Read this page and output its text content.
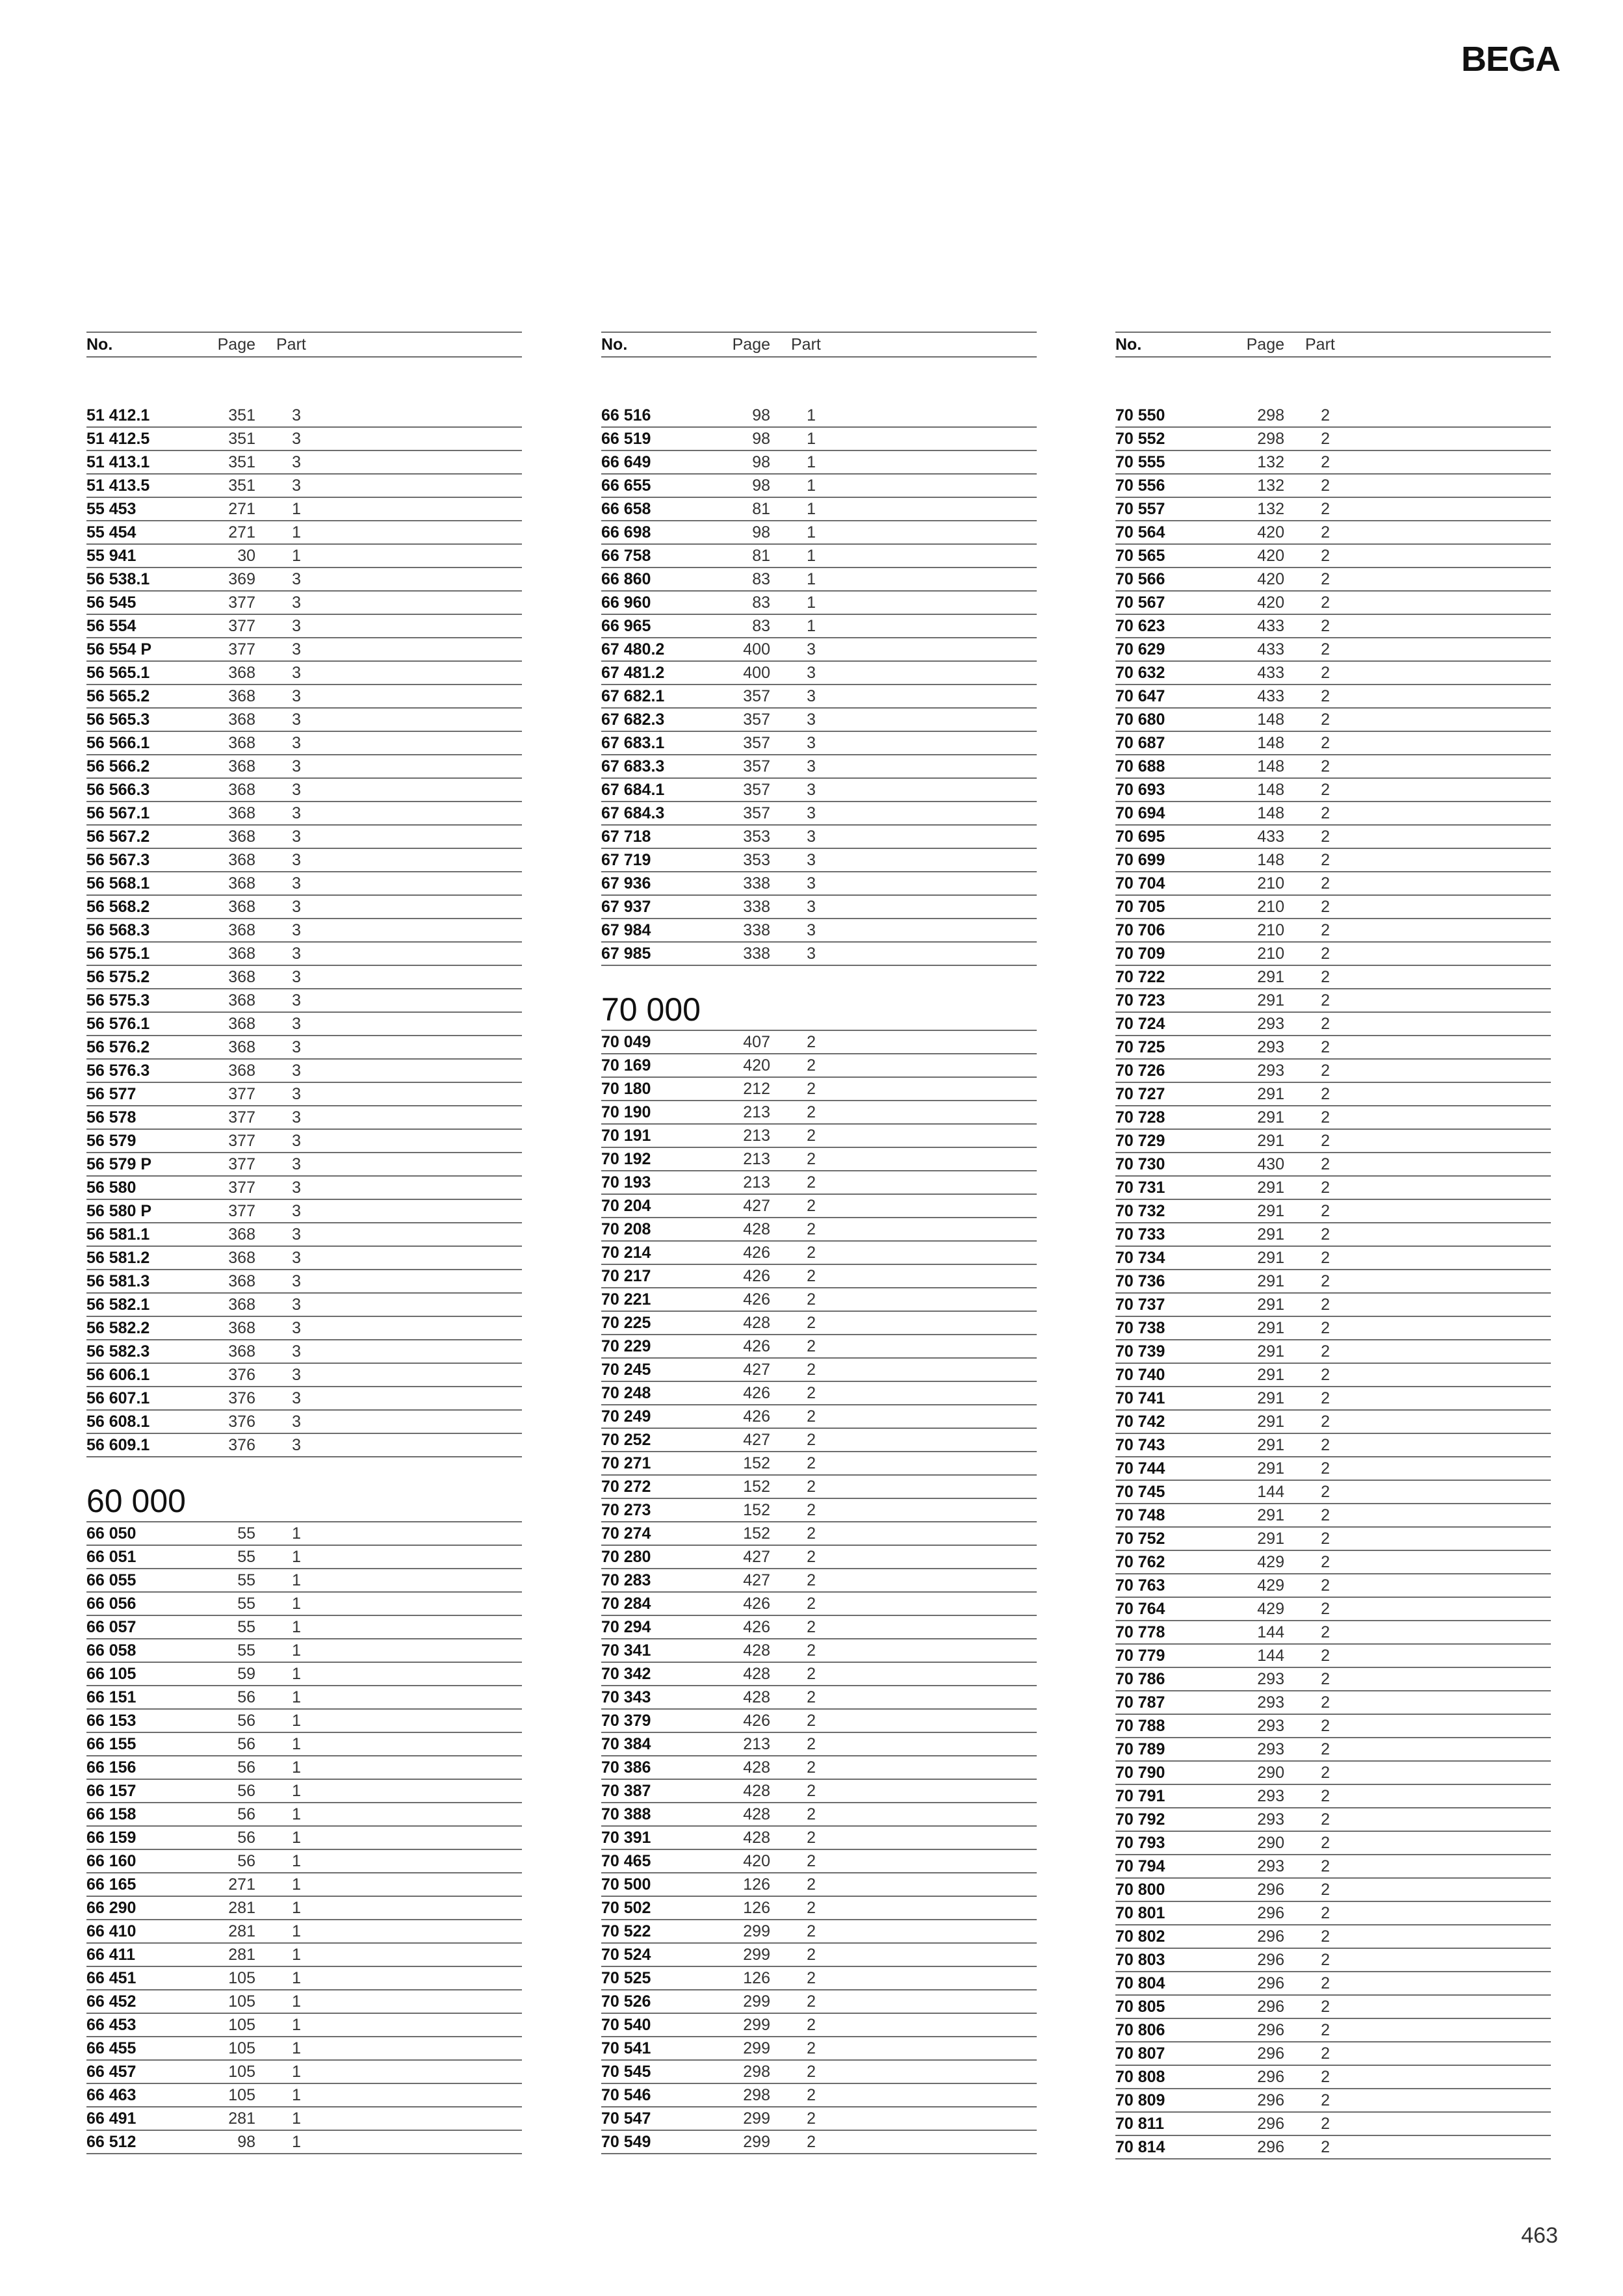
BEGA
No.	Page	Part
51 412.1	351	3
51 412.5	351	3
51 413.1	351	3
51 413.5	351	3
55 453	271	1
55 454	271	1
55 941	30	1
56 538.1	369	3
56 545	377	3
56 554	377	3
56 554 P	377	3
56 565.1	368	3
56 565.2	368	3
56 565.3	368	3
56 566.1	368	3
56 566.2	368	3
56 566.3	368	3
56 567.1	368	3
56 567.2	368	3
56 567.3	368	3
56 568.1	368	3
56 568.2	368	3
56 568.3	368	3
56 575.1	368	3
56 575.2	368	3
56 575.3	368	3
56 576.1	368	3
56 576.2	368	3
56 576.3	368	3
56 577	377	3
56 578	377	3
56 579	377	3
56 579 P	377	3
56 580	377	3
56 580 P	377	3
56 581.1	368	3
56 581.2	368	3
56 581.3	368	3
56 582.1	368	3
56 582.2	368	3
56 582.3	368	3
56 606.1	376	3
56 607.1	376	3
56 608.1	376	3
56 609.1	376	3
60 000
66 050	55	1
66 051	55	1
66 055	55	1
66 056	55	1
66 057	55	1
66 058	55	1
66 105	59	1
66 151	56	1
66 153	56	1
66 155	56	1
66 156	56	1
66 157	56	1
66 158	56	1
66 159	56	1
66 160	56	1
66 165	271	1
66 290	281	1
66 410	281	1
66 411	281	1
66 451	105	1
66 452	105	1
66 453	105	1
66 455	105	1
66 457	105	1
66 463	105	1
66 491	281	1
66 512	98	1
No.	Page	Part
66 516	98	1
66 519	98	1
66 649	98	1
66 655	98	1
66 658	81	1
66 698	98	1
66 758	81	1
66 860	83	1
66 960	83	1
66 965	83	1
67 480.2	400	3
67 481.2	400	3
67 682.1	357	3
67 682.3	357	3
67 683.1	357	3
67 683.3	357	3
67 684.1	357	3
67 684.3	357	3
67 718	353	3
67 719	353	3
67 936	338	3
67 937	338	3
67 984	338	3
67 985	338	3
70 000
70 049	407	2
70 169	420	2
70 180	212	2
70 190	213	2
70 191	213	2
70 192	213	2
70 193	213	2
70 204	427	2
70 208	428	2
70 214	426	2
70 217	426	2
70 221	426	2
70 225	428	2
70 229	426	2
70 245	427	2
70 248	426	2
70 249	426	2
70 252	427	2
70 271	152	2
70 272	152	2
70 273	152	2
70 274	152	2
70 280	427	2
70 283	427	2
70 284	426	2
70 294	426	2
70 341	428	2
70 342	428	2
70 343	428	2
70 379	426	2
70 384	213	2
70 386	428	2
70 387	428	2
70 388	428	2
70 391	428	2
70 465	420	2
70 500	126	2
70 502	126	2
70 522	299	2
70 524	299	2
70 525	126	2
70 526	299	2
70 540	299	2
70 541	299	2
70 545	298	2
70 546	298	2
70 547	299	2
70 549	299	2
No.	Page	Part
70 550	298	2
70 552	298	2
70 555	132	2
70 556	132	2
70 557	132	2
70 564	420	2
70 565	420	2
70 566	420	2
70 567	420	2
70 623	433	2
70 629	433	2
70 632	433	2
70 647	433	2
70 680	148	2
70 687	148	2
70 688	148	2
70 693	148	2
70 694	148	2
70 695	433	2
70 699	148	2
70 704	210	2
70 705	210	2
70 706	210	2
70 709	210	2
70 722	291	2
70 723	291	2
70 724	293	2
70 725	293	2
70 726	293	2
70 727	291	2
70 728	291	2
70 729	291	2
70 730	430	2
70 731	291	2
70 732	291	2
70 733	291	2
70 734	291	2
70 736	291	2
70 737	291	2
70 738	291	2
70 739	291	2
70 740	291	2
70 741	291	2
70 742	291	2
70 743	291	2
70 744	291	2
70 745	144	2
70 748	291	2
70 752	291	2
70 762	429	2
70 763	429	2
70 764	429	2
70 778	144	2
70 779	144	2
70 786	293	2
70 787	293	2
70 788	293	2
70 789	293	2
70 790	290	2
70 791	293	2
70 792	293	2
70 793	290	2
70 794	293	2
70 800	296	2
70 801	296	2
70 802	296	2
70 803	296	2
70 804	296	2
70 805	296	2
70 806	296	2
70 807	296	2
70 808	296	2
70 809	296	2
70 811	296	2
70 814	296	2
463
